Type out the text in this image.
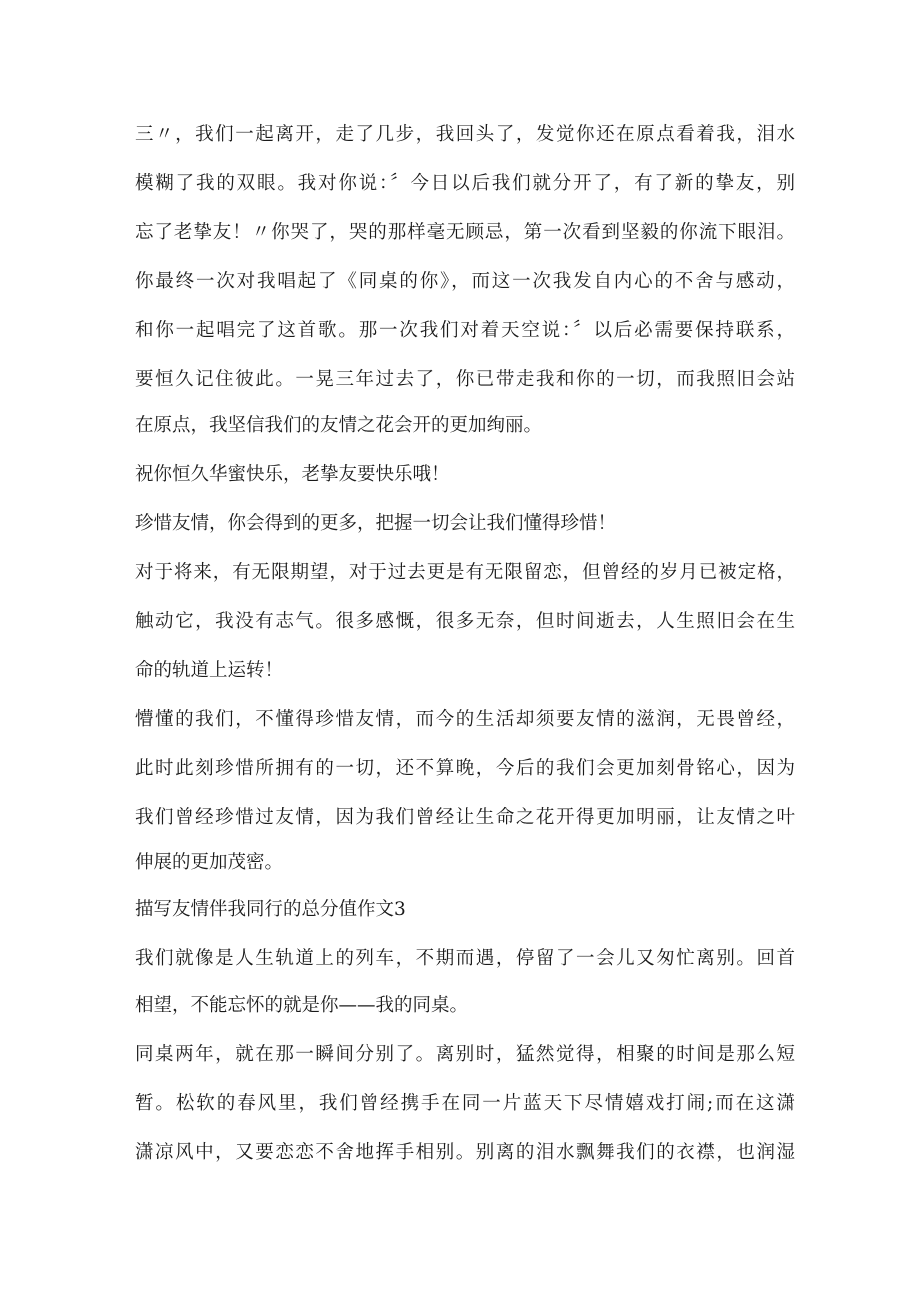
三〃，我们一起离开，走了几步，我回头了，发觉你还在原点看着我，泪水

模糊了我的双眼。我对你说：〞今日以后我们就分开了，有了新的挚友，别

忘了老挚友！〃你哭了，哭的那样毫无顾忌，第一次看到坚毅的你流下眼泪。

你最终一次对我唱起了《同桌的你》，而这一次我发自内心的不舍与感动，

和你一起唱完了这首歌。那一次我们对着天空说：〞以后必需要保持联系，

要恒久记住彼此。一晃三年过去了，你已带走我和你的一切，而我照旧会站

在原点，我坚信我们的友情之花会开的更加绚丽。

祝你恒久华蜜快乐，老挚友要快乐哦！

珍惜友情，你会得到的更多，把握一切会让我们懂得珍惜！

对于将来，有无限期望，对于过去更是有无限留恋，但曾经的岁月已被定格，

触动它，我没有志气。很多感慨，很多无奈，但时间逝去，人生照旧会在生

命的轨道上运转！

懵懂的我们，不懂得珍惜友情，而今的生活却须要友情的滋润，无畏曾经，

此时此刻珍惜所拥有的一切，还不算晚，今后的我们会更加刻骨铭心，因为

我们曾经珍惜过友情，因为我们曾经让生命之花开得更加明丽，让友情之叶

伸展的更加茂密。

描写友情伴我同行的总分值作文3

我们就像是人生轨道上的列车，不期而遇，停留了一会儿又匆忙离别。回首

相望，不能忘怀的就是你——我的同桌。

同桌两年，就在那一瞬间分别了。离别时，猛然觉得，相聚的时间是那么短

暂。松软的春风里，我们曾经携手在同一片蓝天下尽情嬉戏打闹;而在这潇

潇凉风中，又要恋恋不舍地挥手相别。别离的泪水飘舞我们的衣襟，也润湿
